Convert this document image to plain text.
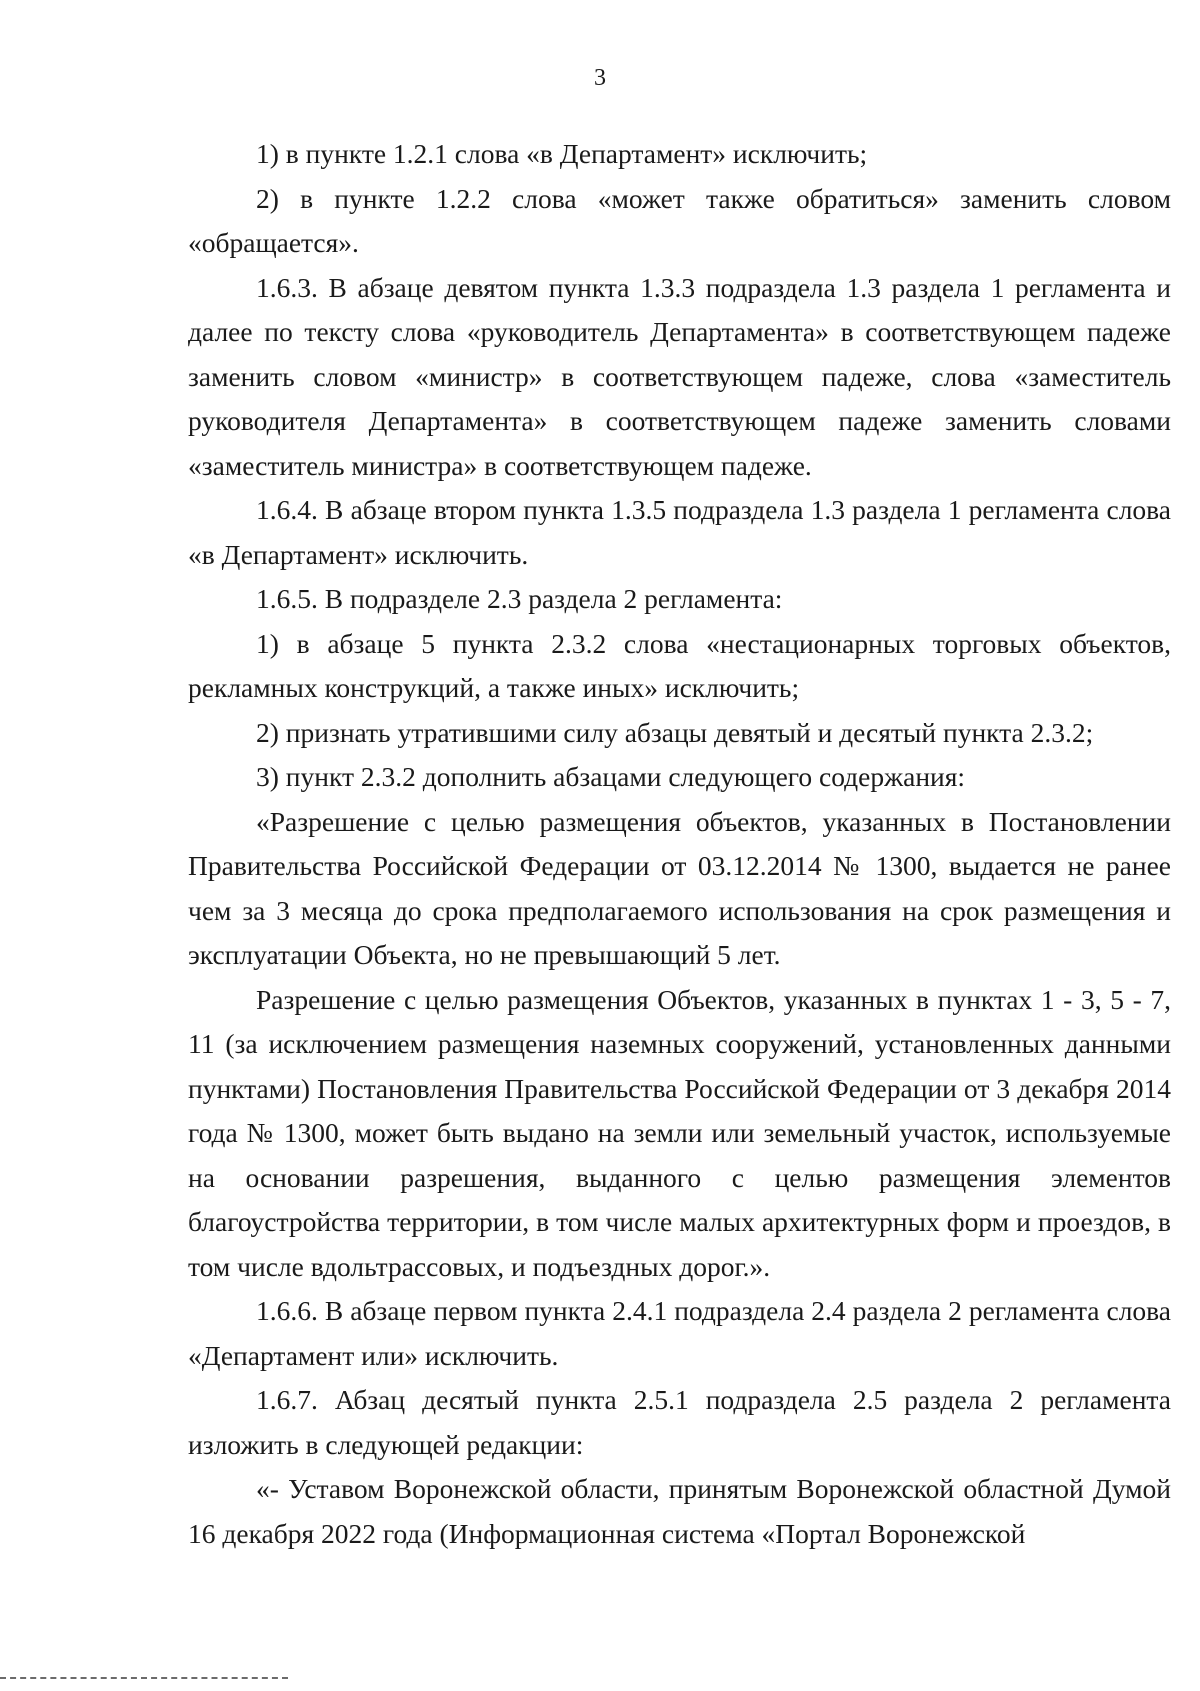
3

1) в пункте 1.2.1 слова «в Департамент» исключить;

2) в пункте 1.2.2 слова «может также обратиться» заменить словом «обращается».

1.6.3. В абзаце девятом пункта 1.3.3 подраздела 1.3 раздела 1 регламента и далее по тексту слова «руководитель Департамента» в соответствующем падеже заменить словом «министр» в соответствующем падеже, слова «заместитель руководителя Департамента» в соответствующем падеже заменить словами «заместитель министра» в соответствующем падеже.

1.6.4. В абзаце втором пункта 1.3.5 подраздела 1.3 раздела 1 регламента слова «в Департамент» исключить.

1.6.5. В подразделе 2.3 раздела 2 регламента:

1) в абзаце 5 пункта 2.3.2 слова «нестационарных торговых объектов, рекламных конструкций, а также иных» исключить;

2) признать утратившими силу абзацы девятый и десятый пункта 2.3.2;

3) пункт 2.3.2 дополнить абзацами следующего содержания:

«Разрешение с целью размещения объектов, указанных в Постановлении Правительства Российской Федерации от 03.12.2014 № 1300, выдается не ранее чем за 3 месяца до срока предполагаемого использования на срок размещения и эксплуатации Объекта, но не превышающий 5 лет.

Разрешение с целью размещения Объектов, указанных в пунктах 1 - 3, 5 - 7, 11 (за исключением размещения наземных сооружений, установленных данными пунктами) Постановления Правительства Российской Федерации от 3 декабря 2014 года № 1300, может быть выдано на земли или земельный участок, используемые на основании разрешения, выданного с целью размещения элементов благоустройства территории, в том числе малых архитектурных форм и проездов, в том числе вдольтрассовых, и подъездных дорог.».

1.6.6. В абзаце первом пункта 2.4.1 подраздела 2.4 раздела 2 регламента слова «Департамент или» исключить.

1.6.7. Абзац десятый пункта 2.5.1 подраздела 2.5 раздела 2 регламента изложить в следующей редакции:

«- Уставом Воронежской области, принятым Воронежской областной Думой 16 декабря 2022 года (Информационная система «Портал Воронежской
